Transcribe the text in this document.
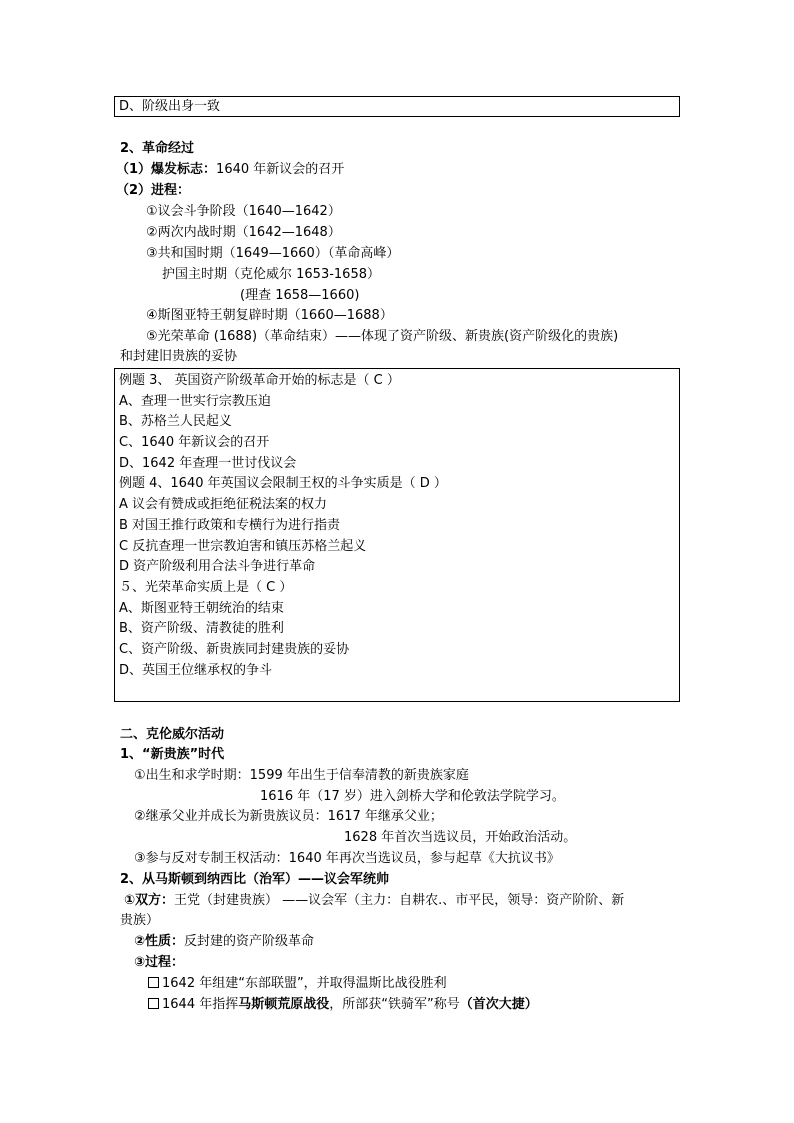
D、阶级出身一致
2、革命经过
（1）爆发标志：1640 年新议会的召开
（2）进程：
①议会斗争阶段（1640—1642）
②两次内战时期（1642—1648）
③共和国时期（1649—1660）（革命高峰）
护国主时期（克伦威尔 1653-1658）
(理查 1658—1660)
④斯图亚特王朝复辟时期（1660—1688）
⑤光荣革命 (1688)（革命结束）——体现了资产阶级、新贵族(资产阶级化的贵族)
和封建旧贵族的妥协
例题 3、 英国资产阶级革命开始的标志是（ C ）
A、查理一世实行宗教压迫
B、苏格兰人民起义
C、1640 年新议会的召开
D、1642 年查理一世讨伐议会
例题 4、1640 年英国议会限制王权的斗争实质是（ D ）
A 议会有赞成或拒绝征税法案的权力
B 对国王推行政策和专横行为进行指责
C 反抗查理一世宗教迫害和镇压苏格兰起义
D 资产阶级利用合法斗争进行革命
５、光荣革命实质上是（ C ）
A、斯图亚特王朝统治的结束
B、资产阶级、清教徒的胜利
C、资产阶级、新贵族同封建贵族的妥协
D、英国王位继承权的争斗
二、克伦威尔活动
1、“新贵族”时代
①出生和求学时期：1599 年出生于信奉清教的新贵族家庭
1616 年（17 岁）进入剑桥大学和伦敦法学院学习。
②继承父业并成长为新贵族议员：1617 年继承父业；
1628 年首次当选议员，开始政治活动。
③参与反对专制王权活动：1640 年再次当选议员，参与起草《大抗议书》
2、从马斯顿到纳西比（治军）——议会军统帅
①双方：王党（封建贵族） ——议会军（主力：自耕农.、市平民，领导：资产阶阶、新
贵族）
②性质：反封建的资产阶级革命
③过程：
1642 年组建“东部联盟”，并取得温斯比战役胜利
1644 年指挥马斯顿荒原战役，所部获“铁骑军”称号（首次大捷）
